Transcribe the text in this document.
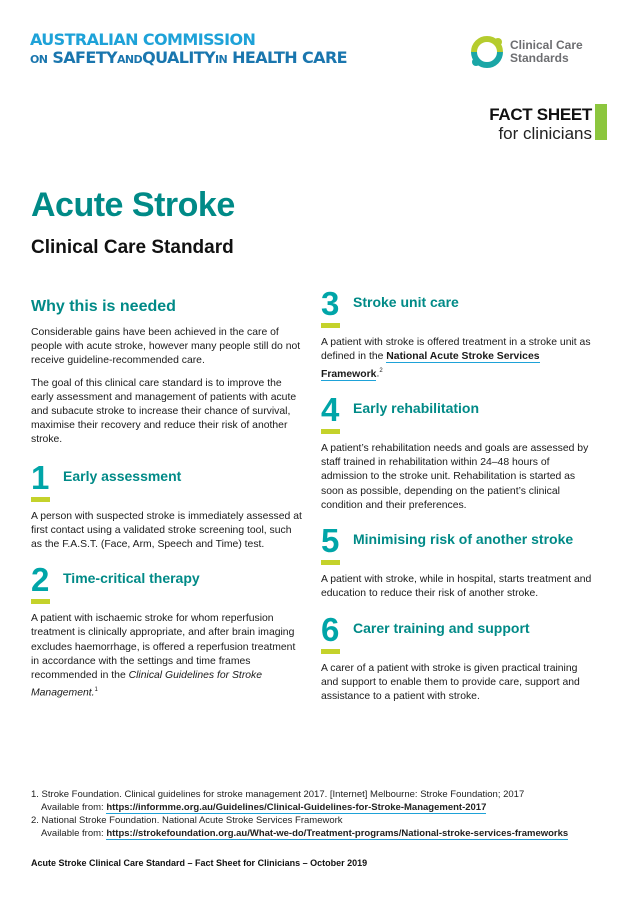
AUSTRALIAN COMMISSION
ON SAFETYANDQUALITYIN HEALTH CARE
Clinical Care
Standards
FACT SHEET
for clinicians
Acute Stroke
Clinical Care Standard
Why this is needed

Considerable gains have been achieved in the care of people with acute stroke, however many people still do not receive guideline-recommended care.

The goal of this clinical care standard is to improve the early assessment and management of patients with acute and subacute stroke to increase their chance of survival, maximise their recovery and reduce their risk of another stroke.

1 Early assessment
A person with suspected stroke is immediately assessed at first contact using a validated stroke screening tool, such as the F.A.S.T. (Face, Arm, Speech and Time) test.
2 Time-critical therapy
A patient with ischaemic stroke for whom reperfusion treatment is clinically appropriate, and after brain imaging excludes haemorrhage, is offered a reperfusion treatment in accordance with the settings and time frames recommended in the Clinical Guidelines for Stroke Management.$^1$
3 Stroke unit care
A patient with stroke is offered treatment in a stroke unit as defined in the National Acute Stroke Services Framework.$^2$
4 Early rehabilitation
A patient’s rehabilitation needs and goals are assessed by staff trained in rehabilitation within 24–48 hours of admission to the stroke unit. Rehabilitation is started as soon as possible, depending on the patient’s clinical condition and their preferences.
5 Minimising risk of another stroke
A patient with stroke, while in hospital, starts treatment and education to reduce their risk of another stroke.
6 Carer training and support
A carer of a patient with stroke is given practical training and support to enable them to provide care, support and assistance to a patient with stroke.
1. Stroke Foundation. Clinical guidelines for stroke management 2017. [Internet] Melbourne: Stroke Foundation; 2017
Available from: https://informme.org.au/Guidelines/Clinical-Guidelines-for-Stroke-Management-2017
2. National Stroke Foundation. National Acute Stroke Services Framework
Available from: https://strokefoundation.org.au/What-we-do/Treatment-programs/National-stroke-services-frameworks
Acute Stroke Clinical Care Standard – Fact Sheet for Clinicians – October 2019
